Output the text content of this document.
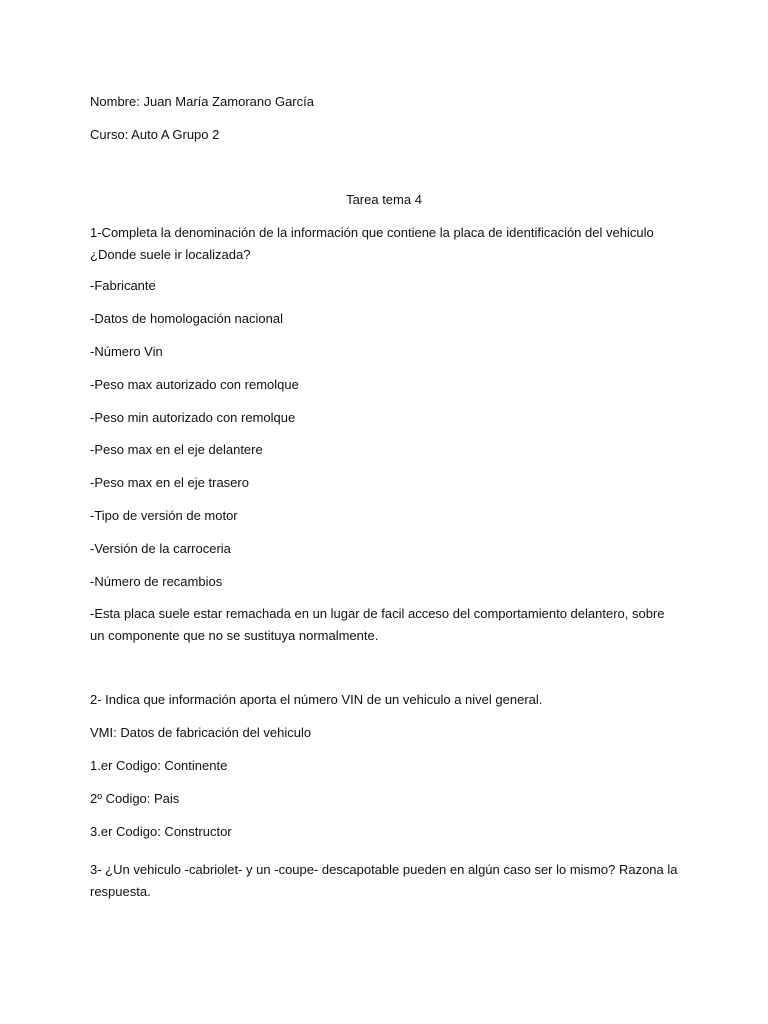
Nombre: Juan María Zamorano García
Curso: Auto A Grupo 2
Tarea tema 4
1-Completa la denominación de la información que contiene la placa de identificación del vehiculo ¿Donde suele ir localizada?
-Fabricante
-Datos de homologación nacional
-Número Vin
-Peso max autorizado con remolque
-Peso min autorizado con remolque
-Peso max en el eje delantere
-Peso max en el eje trasero
-Tipo de versión de motor
-Versión de la carroceria
-Número de recambios
-Esta placa suele estar remachada en un lugar de facil acceso del comportamiento delantero, sobre un componente que no se sustituya normalmente.
2- Indica que información aporta el número VIN de un vehiculo a nivel general.
VMI: Datos de fabricación del vehiculo
1.er Codigo: Continente
2º Codigo: Pais
3.er Codigo: Constructor
3- ¿Un vehiculo -cabriolet- y un -coupe- descapotable pueden en algún caso ser lo mismo? Razona la respuesta.
